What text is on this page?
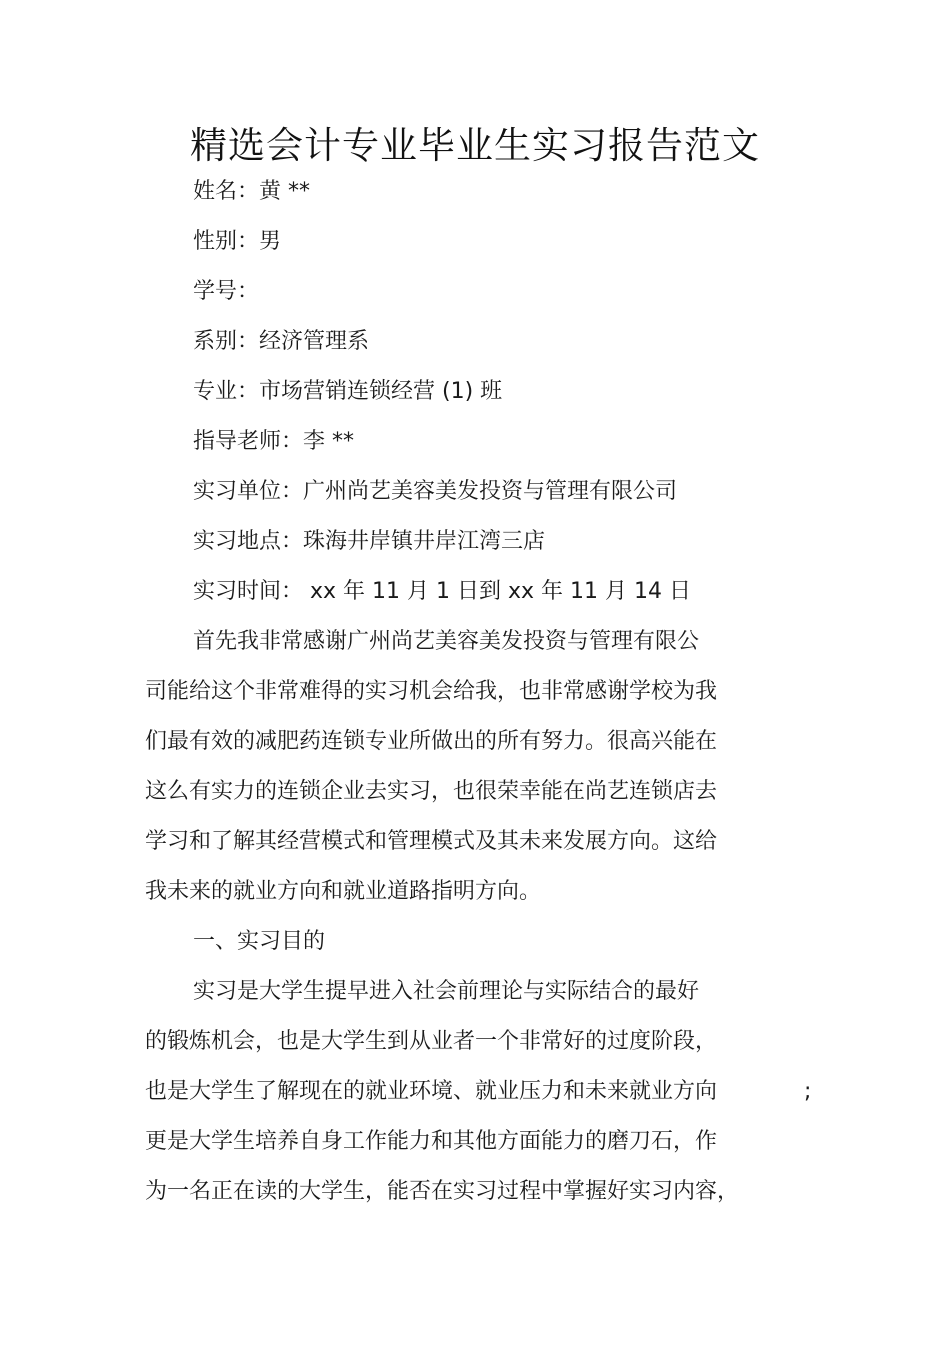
精选会计专业毕业生实习报告范文
姓名：黄 **
性别：男
学号：
系别：经济管理系
专业：市场营销连锁经营 (1) 班
指导老师：李 **
实习单位：广州尚艺美容美发投资与管理有限公司
实习地点：珠海井岸镇井岸江湾三店
实习时间： xx 年 11 月 1 日到 xx 年 11 月 14 日
首先我非常感谢广州尚艺美容美发投资与管理有限公
司能给这个非常难得的实习机会给我，也非常感谢学校为我
们最有效的减肥药连锁专业所做出的所有努力。很高兴能在
这么有实力的连锁企业去实习，也很荣幸能在尚艺连锁店去
学习和了解其经营模式和管理模式及其未来发展方向。这给
我未来的就业方向和就业道路指明方向。
一、实习目的
实习是大学生提早进入社会前理论与实际结合的最好
的锻炼机会，也是大学生到从业者一个非常好的过度阶段，
也是大学生了解现在的就业环境、就业压力和未来就业方向	;
更是大学生培养自身工作能力和其他方面能力的磨刀石，作
为一名正在读的大学生，能否在实习过程中掌握好实习内容，
